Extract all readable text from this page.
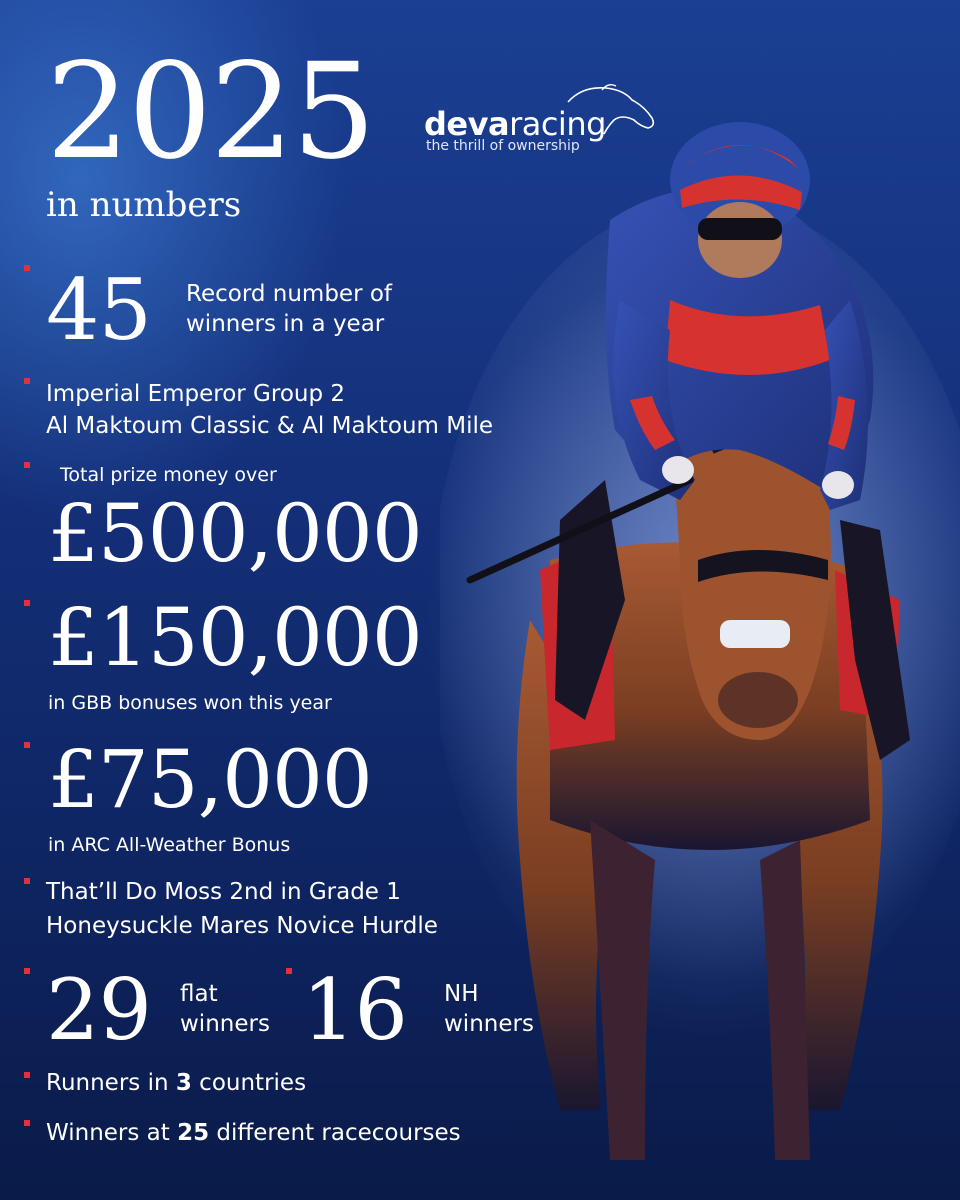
2025
in numbers
devaracing
the thrill of ownership
45 Record number of
winners in a year
Imperial Emperor Group 2
Al Maktoum Classic & Al Maktoum Mile
Total prize money over
£500,000
£150,000
in GBB bonuses won this year
£75,000
in ARC All-Weather Bonus
That’ll Do Moss 2nd in Grade 1
Honeysuckle Mares Novice Hurdle
29 flat
winners 16 NH
winners
Runners in 3 countries
Winners at 25 different racecourses
